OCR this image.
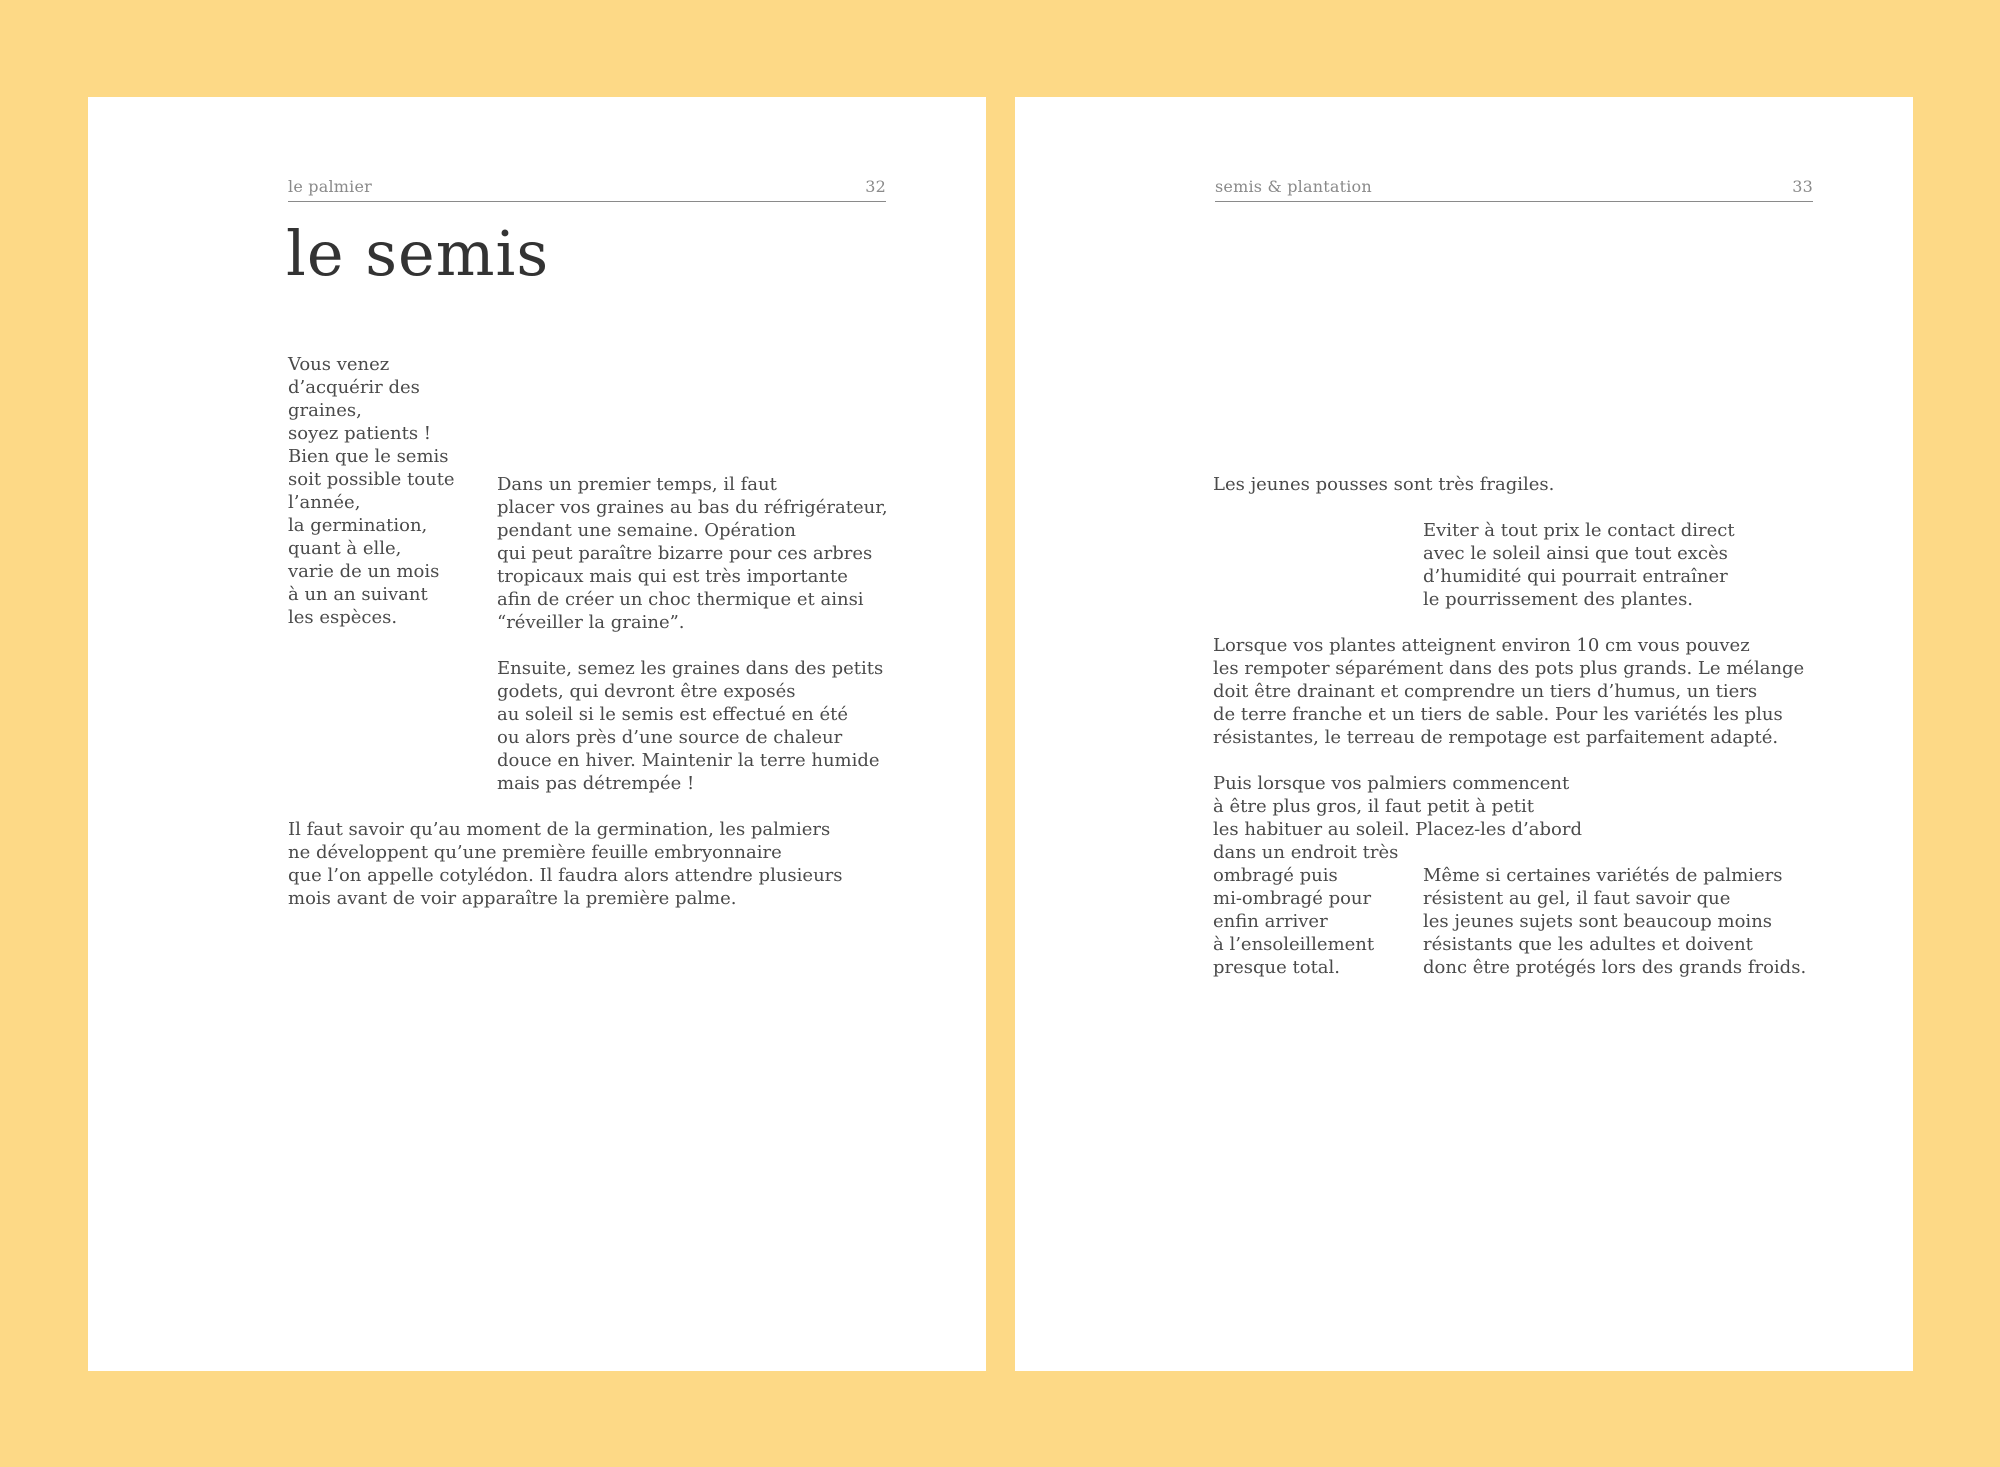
le palmier	32
le semis

Vous venez
d’acquérir des graines,
soyez patients !
Bien que le semis
soit possible toute
l’année,
la germination,
quant à elle,
varie de un mois
à un an suivant
les espèces.

Dans un premier temps, il faut
placer vos graines au bas du réfrigérateur,
pendant une semaine. Opération
qui peut paraître bizarre pour ces arbres
tropicaux mais qui est très importante
afin de créer un choc thermique et ainsi
“réveiller la graine”.

Ensuite, semez les graines dans des petits
godets, qui devront être exposés
au soleil si le semis est effectué en été
ou alors près d’une source de chaleur
douce en hiver. Maintenir la terre humide
mais pas détrempée !

Il faut savoir qu’au moment de la germination, les palmiers
ne développent qu’une première feuille embryonnaire
que l’on appelle cotylédon. Il faudra alors attendre plusieurs
mois avant de voir apparaître la première palme.

semis & plantation	33

Les jeunes pousses sont très fragiles.

Eviter à tout prix le contact direct
avec le soleil ainsi que tout excès
d’humidité qui pourrait entraîner
le pourrissement des plantes.

Lorsque vos plantes atteignent environ 10 cm vous pouvez
les rempoter séparément dans des pots plus grands. Le mélange
doit être drainant et comprendre un tiers d’humus, un tiers
de terre franche et un tiers de sable. Pour les variétés les plus
résistantes, le terreau de rempotage est parfaitement adapté.

Puis lorsque vos palmiers commencent
à être plus gros, il faut petit à petit
les habituer au soleil. Placez-les d’abord
dans un endroit très

ombragé puis
mi-ombragé pour
enfin arriver
à l’ensoleillement
presque total.

Même si certaines variétés de palmiers
résistent au gel, il faut savoir que
les jeunes sujets sont beaucoup moins
résistants que les adultes et doivent
donc être protégés lors des grands froids.
